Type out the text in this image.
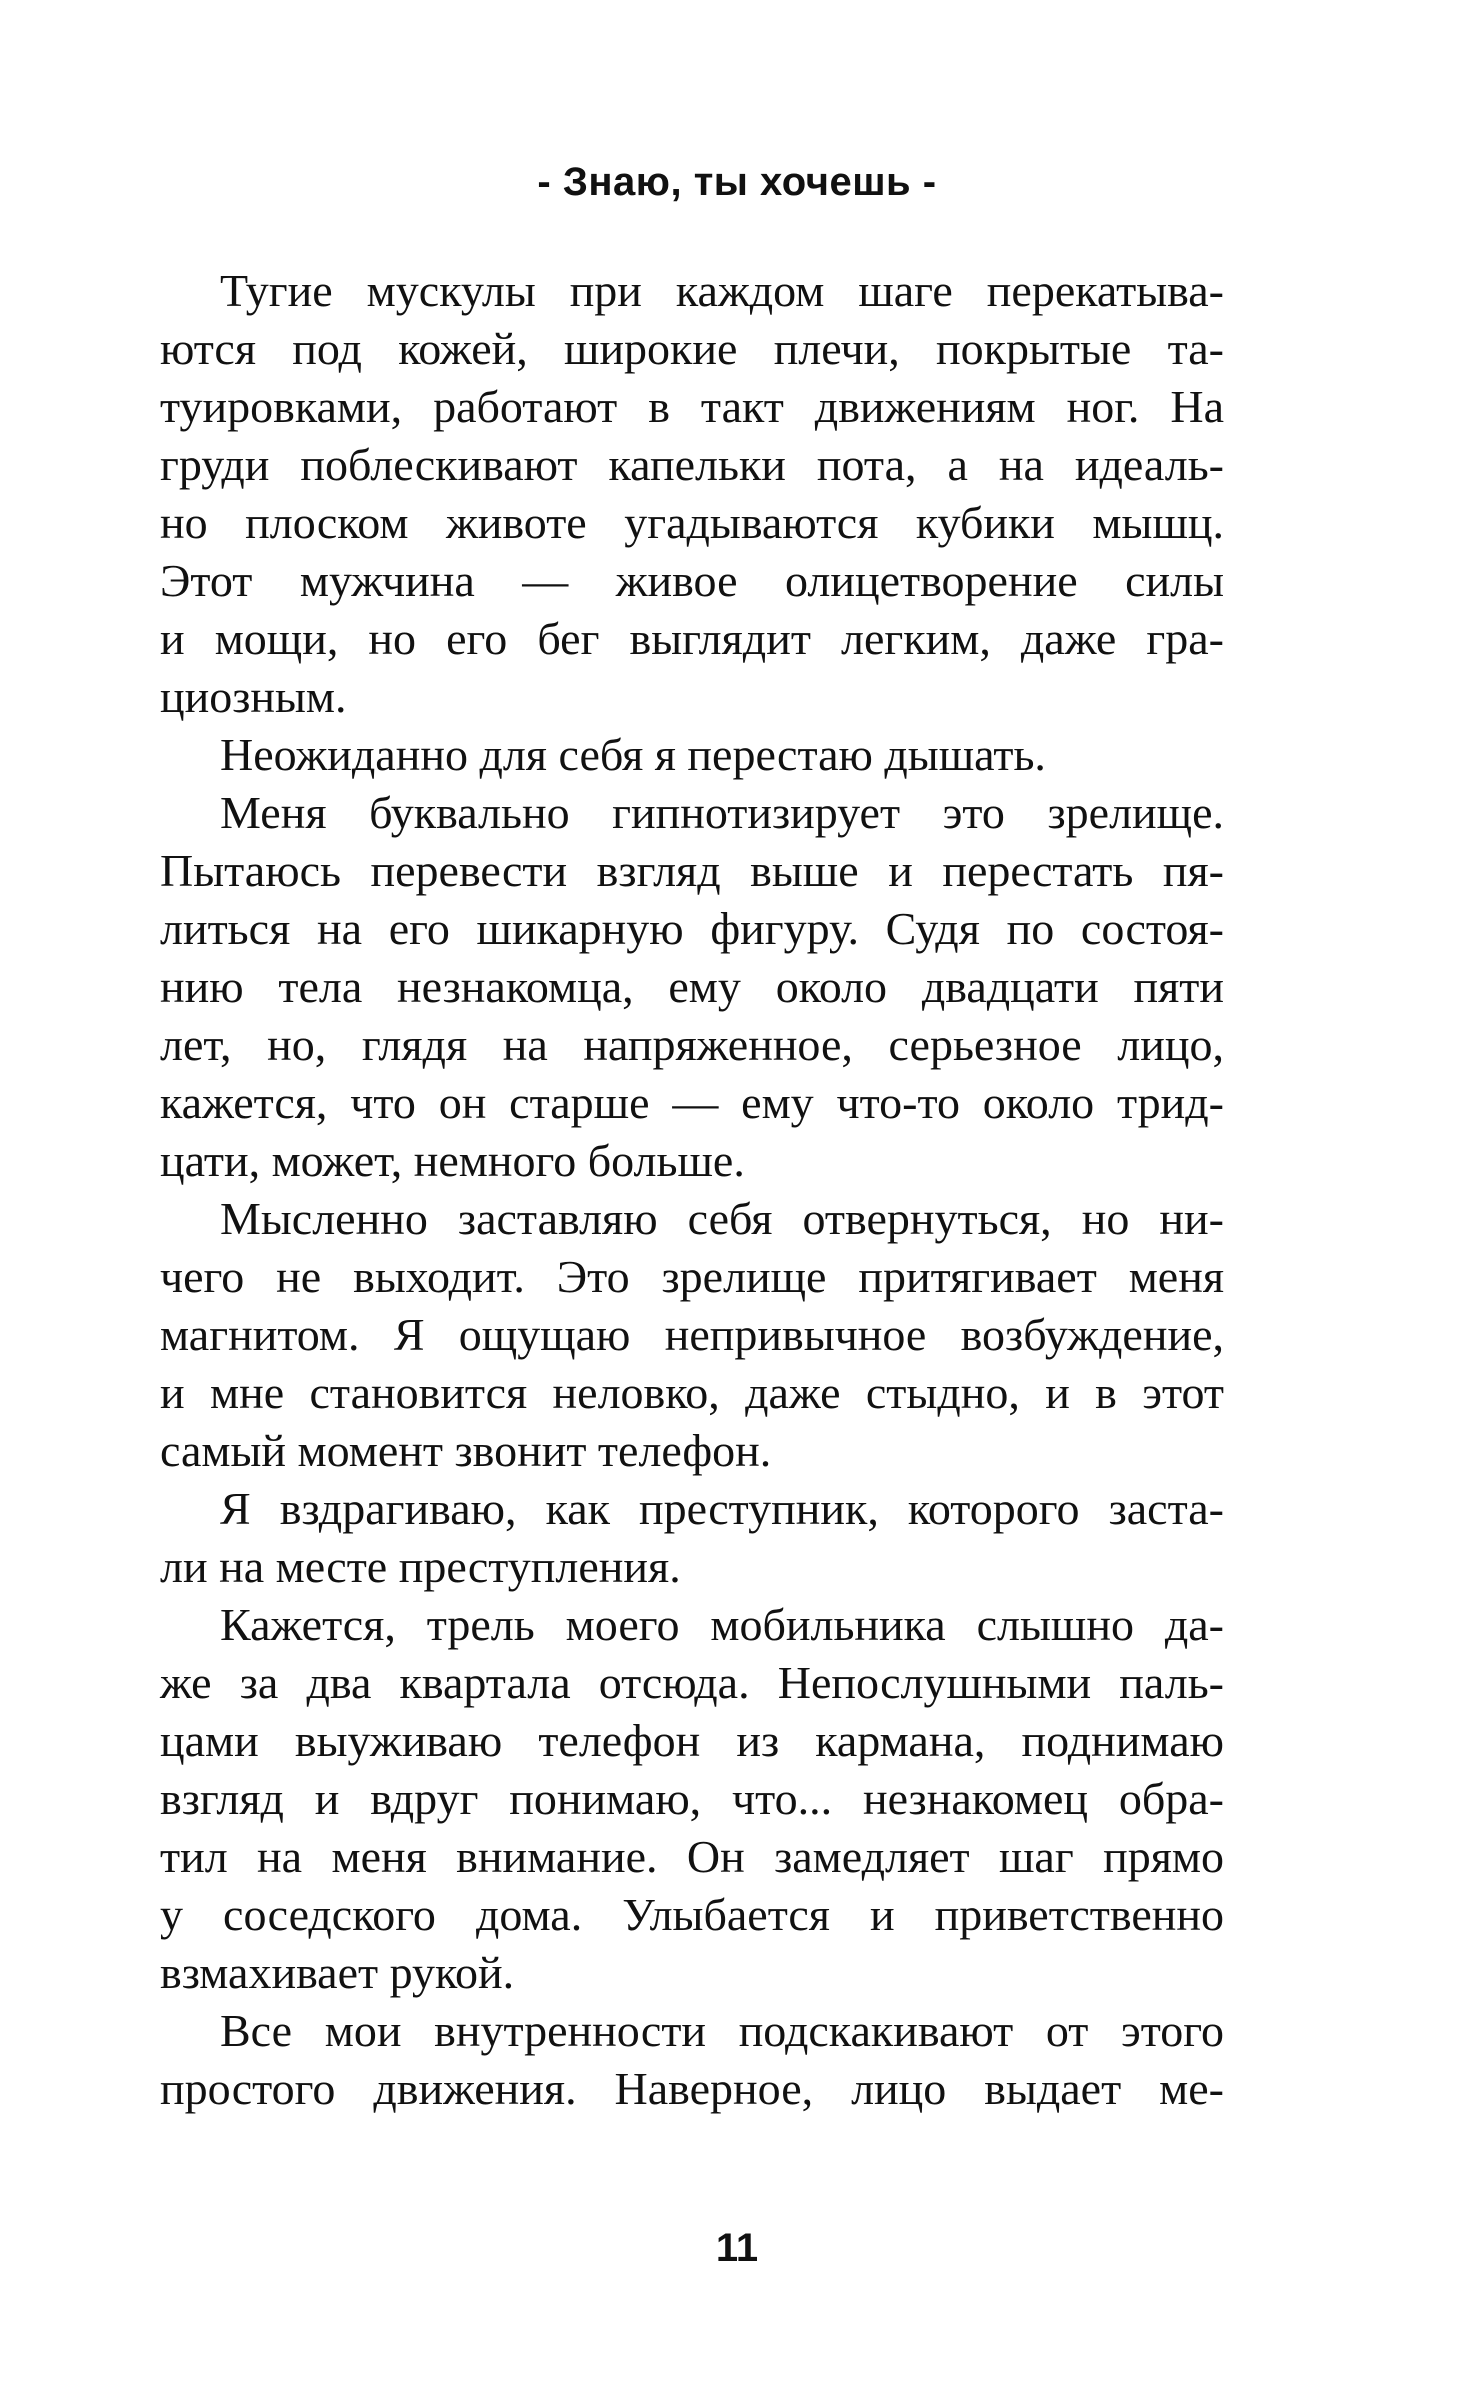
- Знаю, ты хочешь -
Тугие мускулы при каждом шаге перекатыва-
ются под кожей, широкие плечи, покрытые та-
туировками, работают в такт движениям ног. На
груди поблескивают капельки пота, а на идеаль-
но плоском животе угадываются кубики мышц.
Этот мужчина — живое олицетворение силы
и мощи, но его бег выглядит легким, даже гра-
циозным.
Неожиданно для себя я перестаю дышать.
Меня буквально гипнотизирует это зрелище.
Пытаюсь перевести взгляд выше и перестать пя-
литься на его шикарную фигуру. Судя по состоя-
нию тела незнакомца, ему около двадцати пяти
лет, но, глядя на напряженное, серьезное лицо,
кажется, что он старше — ему что-то около трид-
цати, может, немного больше.
Мысленно заставляю себя отвернуться, но ни-
чего не выходит. Это зрелище притягивает меня
магнитом. Я ощущаю непривычное возбуждение,
и мне становится неловко, даже стыдно, и в этот
самый момент звонит телефон.
Я вздрагиваю, как преступник, которого заста-
ли на месте преступления.
Кажется, трель моего мобильника слышно да-
же за два квартала отсюда. Непослушными паль-
цами выуживаю телефон из кармана, поднимаю
взгляд и вдруг понимаю, что... незнакомец обра-
тил на меня внимание. Он замедляет шаг прямо
у соседского дома. Улыбается и приветственно
взмахивает рукой.
Все мои внутренности подскакивают от этого
простого движения. Наверное, лицо выдает ме-
11
